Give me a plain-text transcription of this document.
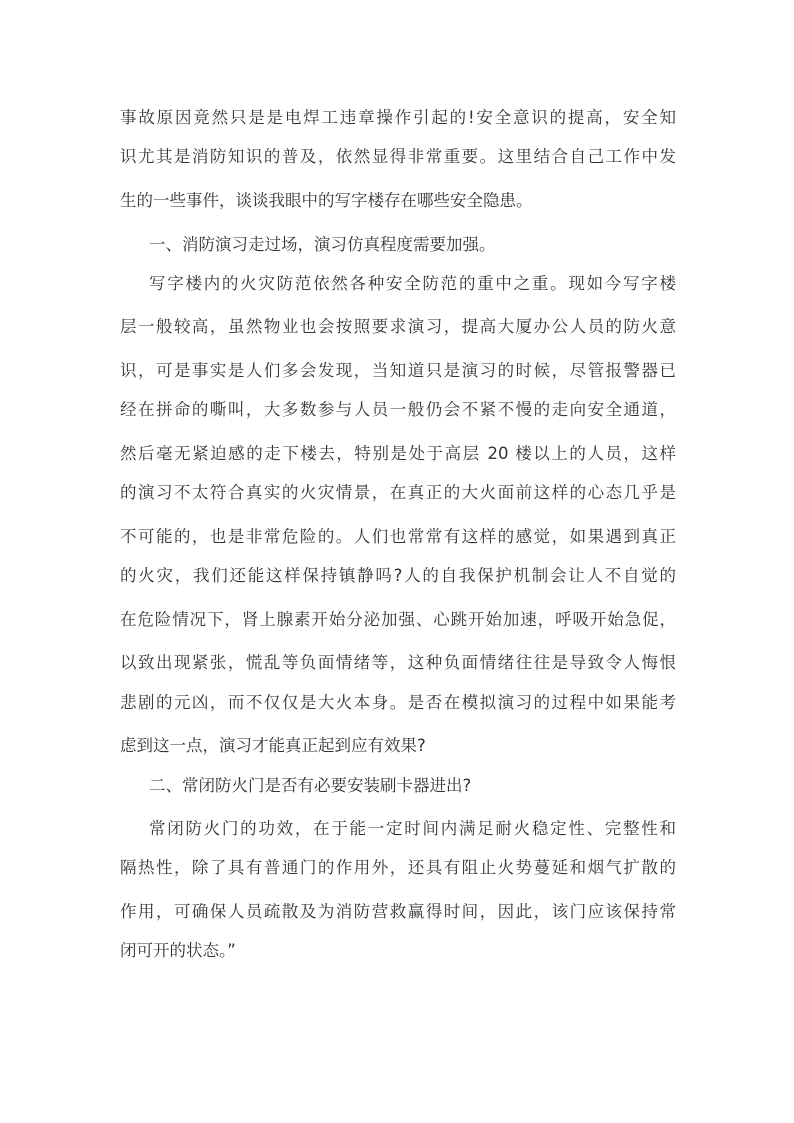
事故原因竟然只是是电焊工违章操作引起的!安全意识的提高，安全知
识尤其是消防知识的普及，依然显得非常重要。这里结合自己工作中发
生的一些事件，谈谈我眼中的写字楼存在哪些安全隐患。
一、消防演习走过场，演习仿真程度需要加强。
写字楼内的火灾防范依然各种安全防范的重中之重。现如今写字楼
层一般较高，虽然物业也会按照要求演习，提高大厦办公人员的防火意
识，可是事实是人们多会发现，当知道只是演习的时候，尽管报警器已
经在拼命的嘶叫，大多数参与人员一般仍会不紧不慢的走向安全通道，
然后毫无紧迫感的走下楼去，特别是处于高层 20 楼以上的人员，这样
的演习不太符合真实的火灾情景，在真正的大火面前这样的心态几乎是
不可能的，也是非常危险的。人们也常常有这样的感觉，如果遇到真正
的火灾，我们还能这样保持镇静吗?人的自我保护机制会让人不自觉的
在危险情况下，肾上腺素开始分泌加强、心跳开始加速，呼吸开始急促，
以致出现紧张，慌乱等负面情绪等，这种负面情绪往往是导致令人悔恨
悲剧的元凶，而不仅仅是大火本身。是否在模拟演习的过程中如果能考
虑到这一点，演习才能真正起到应有效果?
二、常闭防火门是否有必要安装刷卡器进出?
常闭防火门的功效，在于能一定时间内满足耐火稳定性、完整性和
隔热性，除了具有普通门的作用外，还具有阻止火势蔓延和烟气扩散的
作用，可确保人员疏散及为消防营救赢得时间，因此，该门应该保持常
闭可开的状态。”
